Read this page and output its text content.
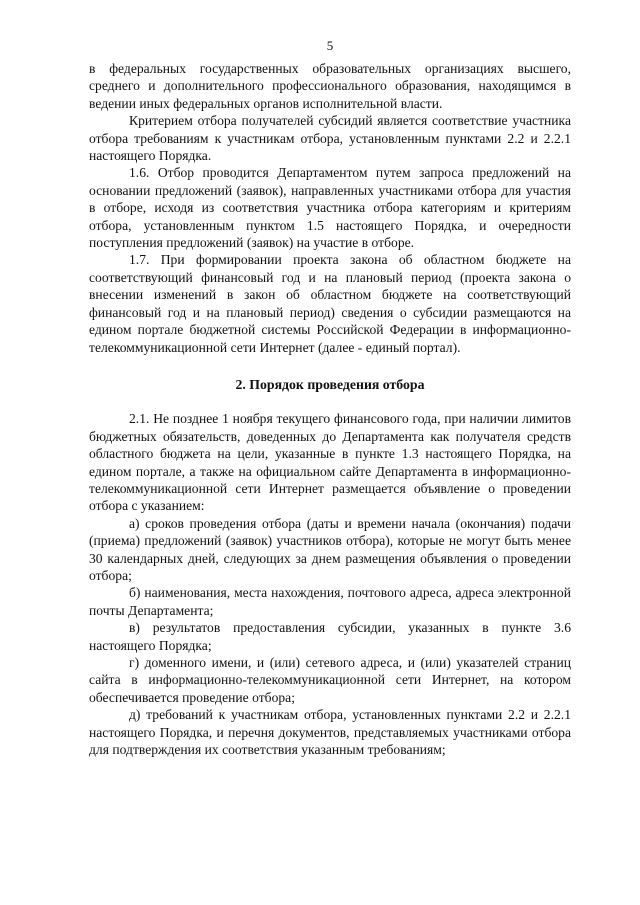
5

в федеральных государственных образовательных организациях высшего, среднего и дополнительного профессионального образования, находящимся в ведении иных федеральных органов исполнительной власти.

Критерием отбора получателей субсидий является соответствие участника отбора требованиям к участникам отбора, установленным пунктами 2.2 и 2.2.1 настоящего Порядка.

1.6. Отбор проводится Департаментом путем запроса предложений на основании предложений (заявок), направленных участниками отбора для участия в отборе, исходя из соответствия участника отбора категориям и критериям отбора, установленным пунктом 1.5 настоящего Порядка, и очередности поступления предложений (заявок) на участие в отборе.

1.7. При формировании проекта закона об областном бюджете на соответствующий финансовый год и на плановый период (проекта закона о внесении изменений в закон об областном бюджете на соответствующий финансовый год и на плановый период) сведения о субсидии размещаются на едином портале бюджетной системы Российской Федерации в информационно-телекоммуникационной сети Интернет (далее - единый портал).

2. Порядок проведения отбора

2.1. Не позднее 1 ноября текущего финансового года, при наличии лимитов бюджетных обязательств, доведенных до Департамента как получателя средств областного бюджета на цели, указанные в пункте 1.3 настоящего Порядка, на едином портале, а также на официальном сайте Департамента в информационно-телекоммуникационной сети Интернет размещается объявление о проведении отбора с указанием:

а) сроков проведения отбора (даты и времени начала (окончания) подачи (приема) предложений (заявок) участников отбора), которые не могут быть менее 30 календарных дней, следующих за днем размещения объявления о проведении отбора;

б) наименования, места нахождения, почтового адреса, адреса электронной почты Департамента;

в) результатов предоставления субсидии, указанных в пункте 3.6 настоящего Порядка;

г) доменного имени, и (или) сетевого адреса, и (или) указателей страниц сайта в информационно-телекоммуникационной сети Интернет, на котором обеспечивается проведение отбора;

д) требований к участникам отбора, установленных пунктами 2.2 и 2.2.1 настоящего Порядка, и перечня документов, представляемых участниками отбора для подтверждения их соответствия указанным требованиям;
